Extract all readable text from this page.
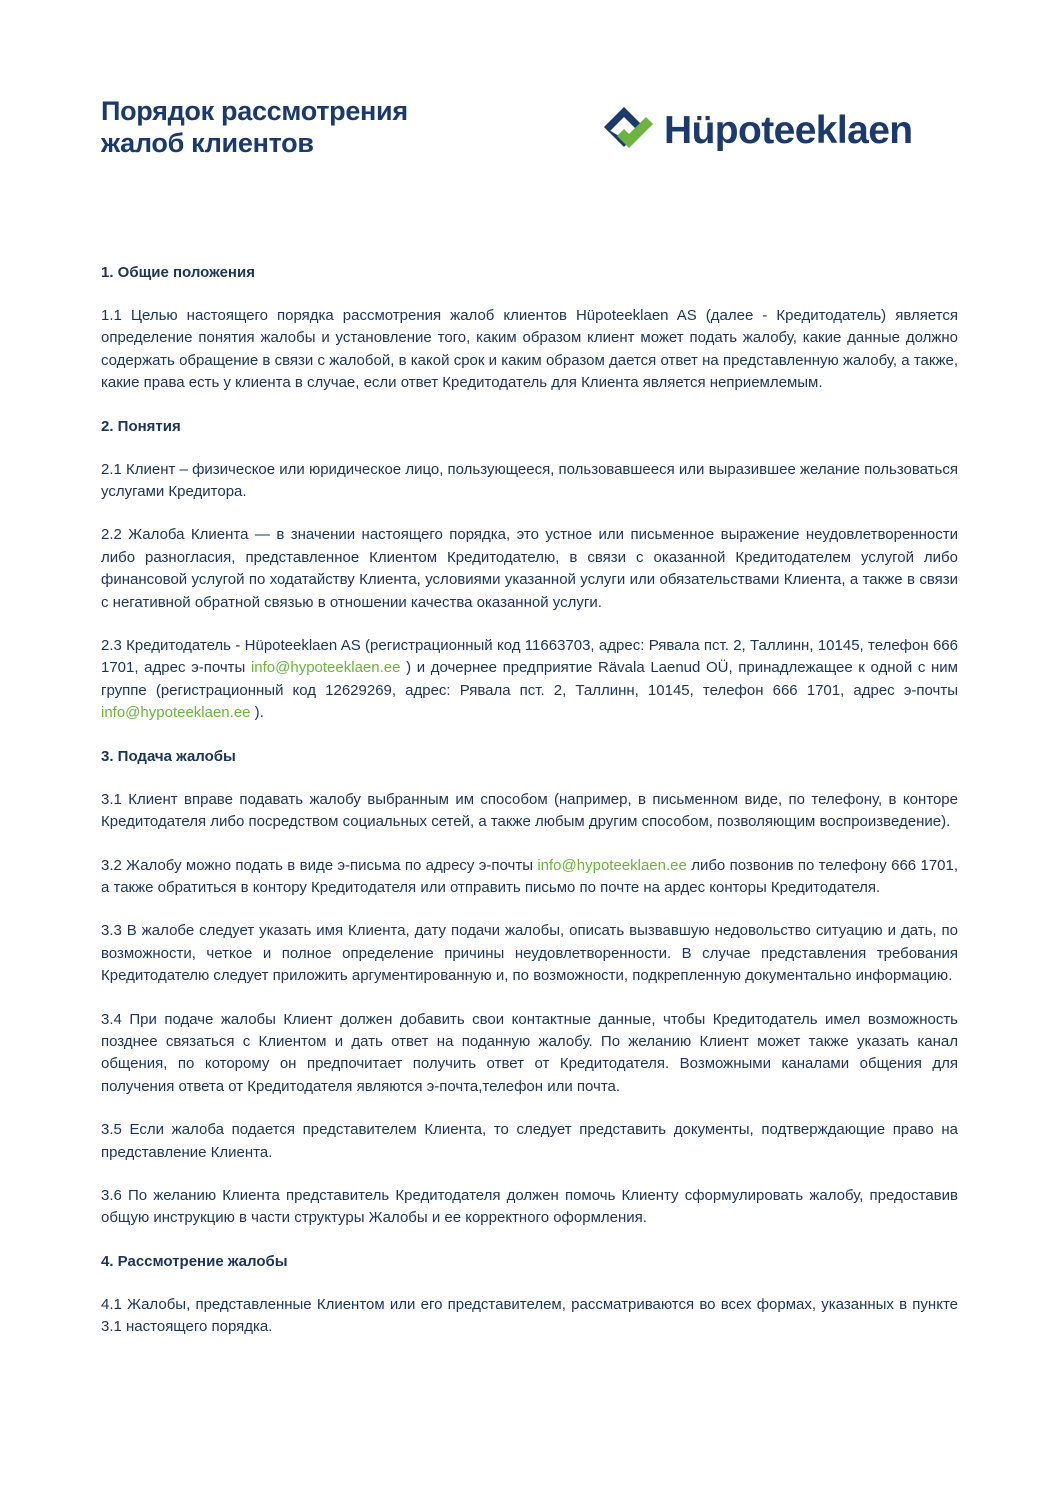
Порядок рассмотрения
жалоб клиентов	Hüpoteeklaen
1. Общие положения

1.1 Целью настоящего порядка рассмотрения жалоб клиентов Hüpoteeklaen AS (далее - Кредитодатель) является определение понятия жалобы и установление того, каким образом клиент может подать жалобу, какие данные должно содержать обращение в связи с жалобой, в какой срок и каким образом дается ответ на представленную жалобу, а также, какие права есть у клиента в случае, если ответ Кредитодатель для Клиента является неприемлемым.

2. Понятия

2.1 Клиент – физическое или юридическое лицо, пользующееся, пользовавшееся или выразившее желание пользоваться услугами Кредитора.

2.2 Жалоба Клиента — в значении настоящего порядка, это устное или письменное выражение неудовлетворенности либо разногласия, представленное Клиентом Кредитодателю, в связи с оказанной Кредитодателем услугой либо финансовой услугой по ходатайству Клиента, условиями указанной услуги или обязательствами Клиента, а также в связи с негативной обратной связью в отношении качества оказанной услуги.

2.3 Кредитодатель - Hüpoteeklaen AS (регистрационный код 11663703, адрес: Рявала пст. 2, Таллинн, 10145, телефон 666 1701, адрес э-почты info@hypoteeklaen.ee ) и дочернее предприятие Rävala Laenud OÜ, принадлежащее к одной с ним группе (регистрационный код 12629269, адрес: Рявала пст. 2, Таллинн, 10145, телефон 666 1701, адрес э-почты info@hypoteeklaen.ee ).

3. Подача жалобы

3.1 Клиент вправе подавать жалобу выбранным им способом (например, в письменном виде, по телефону, в конторе Кредитодателя либо посредством социальных сетей, а также любым другим способом, позволяющим воспроизведение).

3.2 Жалобу можно подать в виде э-письма по адресу э-почты info@hypoteeklaen.ee либо позвонив по телефону 666 1701, а также обратиться в контору Кредитодателя или отправить письмо по почте на ардес конторы Кредитодателя.

3.3 В жалобе следует указать имя Клиента, дату подачи жалобы, описать вызвавшую недовольство ситуацию и дать, по возможности, четкое и полное определение причины неудовлетворенности. В случае представления требования Кредитодателю следует приложить аргументированную и, по возможности, подкрепленную документально информацию.

3.4 При подаче жалобы Клиент должен добавить свои контактные данные, чтобы Кредитодатель имел возможность позднее связаться с Клиентом и дать ответ на поданную жалобу. По желанию Клиент может также указать канал общения, по которому он предпочитает получить ответ от Кредитодателя. Возможными каналами общения для получения ответа от Кредитодателя являются э-почта,телефон или почта.

3.5 Если жалоба подается представителем Клиента, то следует представить документы, подтверждающие право на представление Клиента.

3.6 По желанию Клиента представитель Кредитодателя должен помочь Клиенту сформулировать жалобу, предоставив общую инструкцию в части структуры Жалобы и ее корректного оформления.

4. Рассмотрение жалобы

4.1 Жалобы, представленные Клиентом или его представителем, рассматриваются во всех формах, указанных в пункте 3.1 настоящего порядка.
